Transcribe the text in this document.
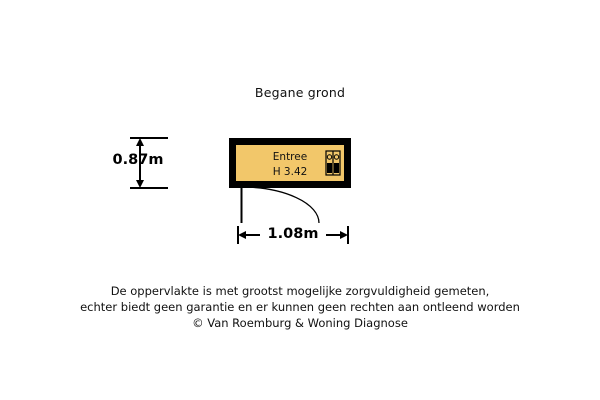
Begane grond
Entree
H 3.42
0.87m
1.08m
De oppervlakte is met grootst mogelijke zorgvuldigheid gemeten,
echter biedt geen garantie en er kunnen geen rechten aan ontleend worden
© Van Roemburg & Woning Diagnose
